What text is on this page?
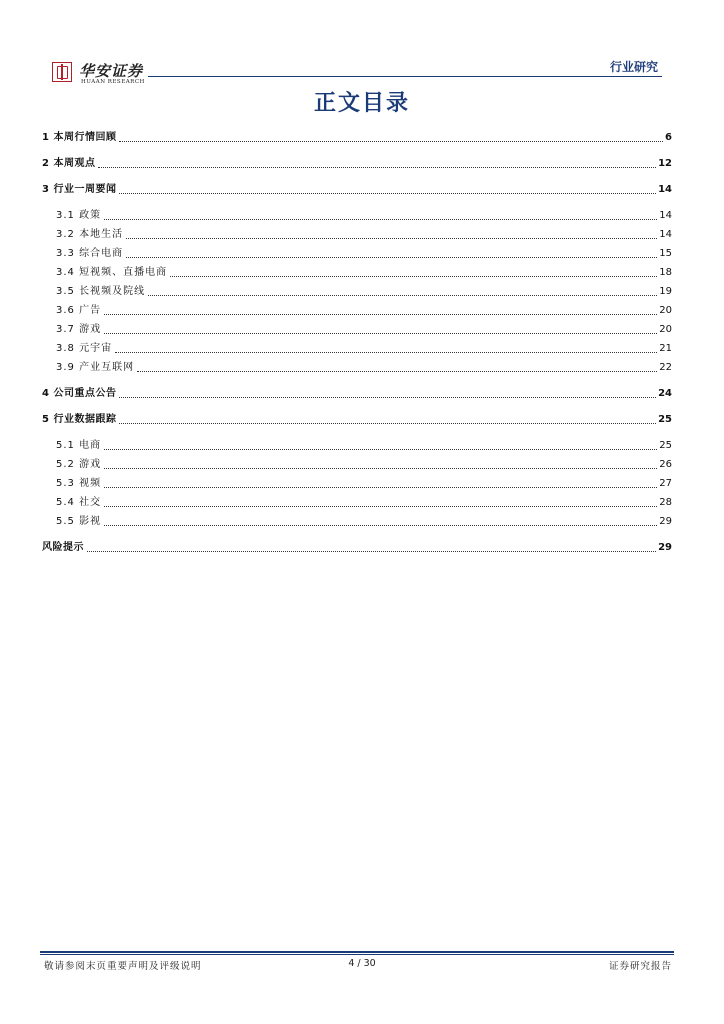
华安证券
HUAAN RESEARCH
行业研究
正文目录
1 本周行情回顾	6
2 本周观点	12
3 行业一周要闻	14
3.1 政策	14
3.2 本地生活	14
3.3 综合电商	15
3.4 短视频、直播电商	18
3.5 长视频及院线	19
3.6 广告	20
3.7 游戏	20
3.8 元宇宙	21
3.9 产业互联网	22
4 公司重点公告	24
5 行业数据跟踪	25
5.1 电商	25
5.2 游戏	26
5.3 视频	27
5.4 社交	28
5.5 影视	29
风险提示	29
敬请参阅末页重要声明及评级说明	4 / 30	证券研究报告
